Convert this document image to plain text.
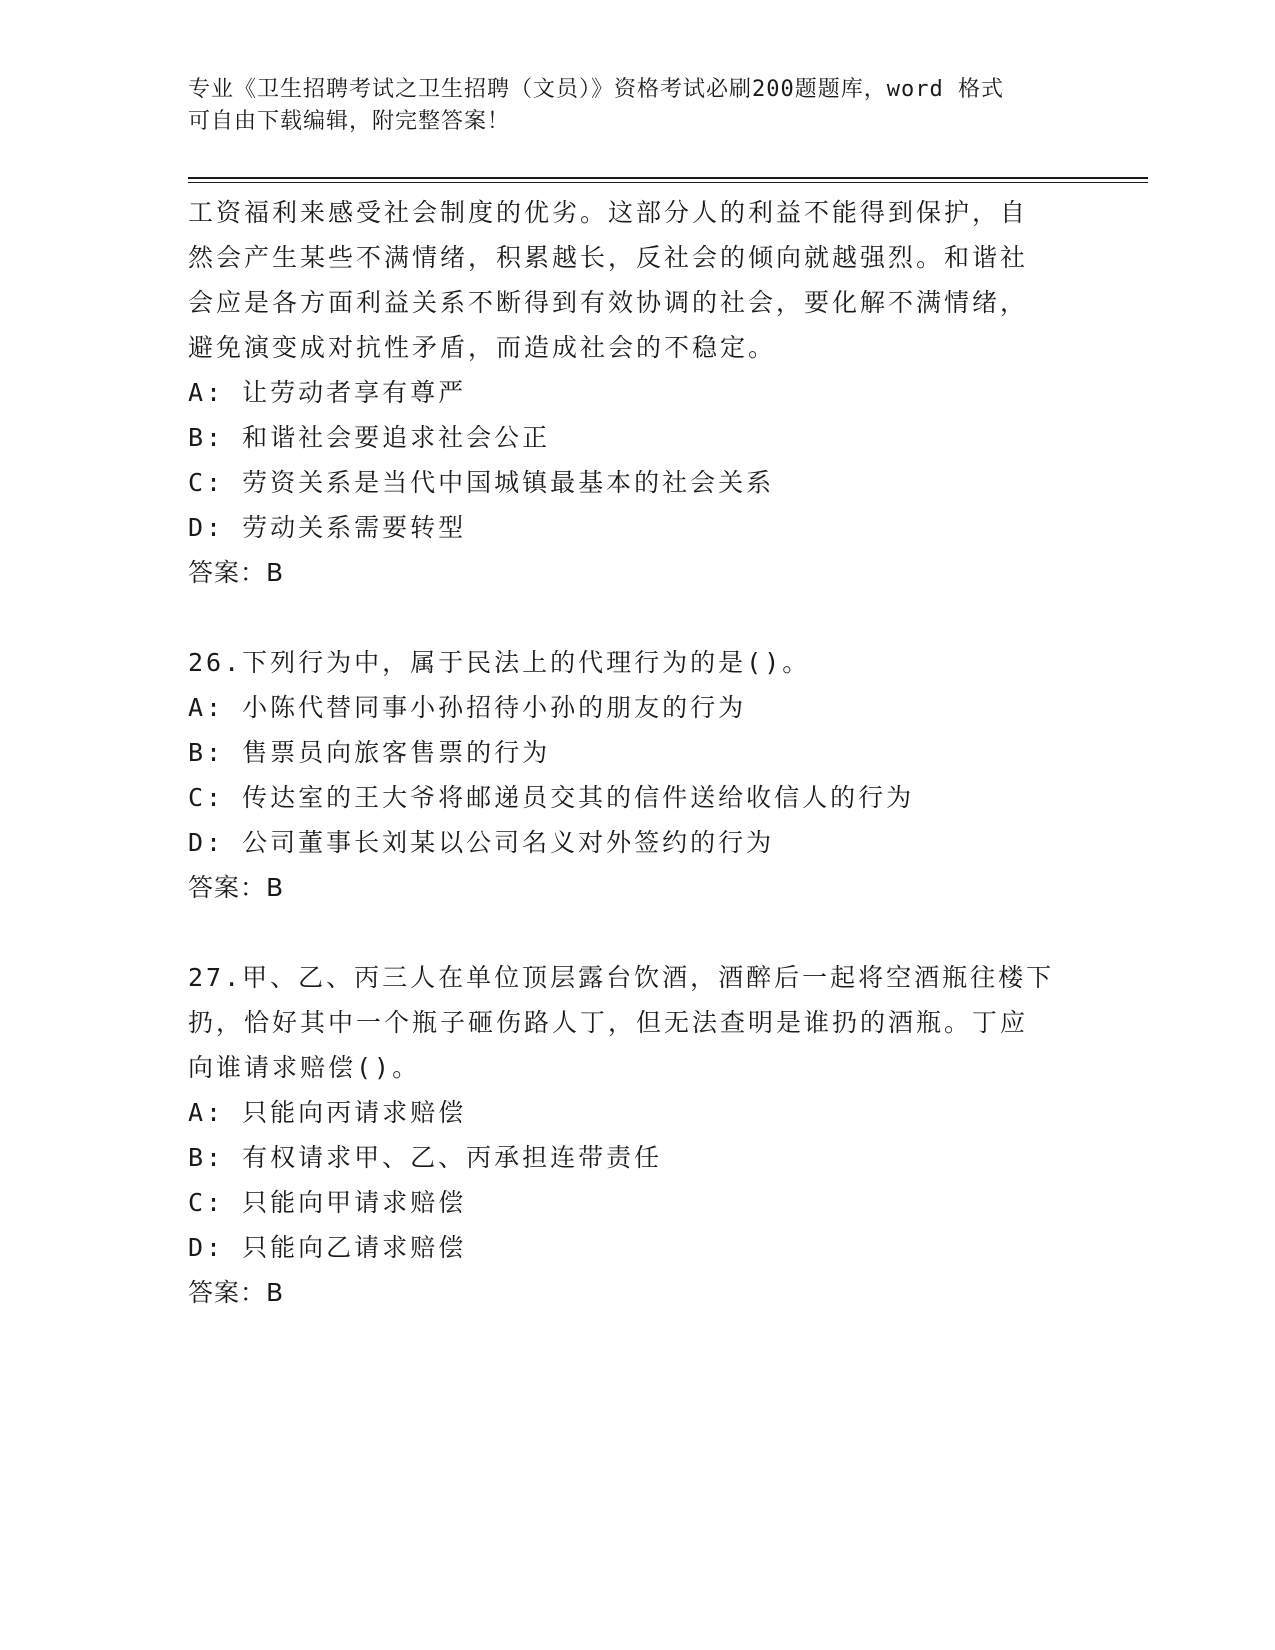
专业《卫生招聘考试之卫生招聘（文员）》资格考试必刷200题题库，word 格式
可自由下载编辑，附完整答案！
工资福利来感受社会制度的优劣。这部分人的利益不能得到保护，自
然会产生某些不满情绪，积累越长，反社会的倾向就越强烈。和谐社
会应是各方面利益关系不断得到有效协调的社会，要化解不满情绪，
避免演变成对抗性矛盾，而造成社会的不稳定。
A: 让劳动者享有尊严
B: 和谐社会要追求社会公正
C: 劳资关系是当代中国城镇最基本的社会关系
D: 劳动关系需要转型
答案：B
26.下列行为中，属于民法上的代理行为的是()。
A: 小陈代替同事小孙招待小孙的朋友的行为
B: 售票员向旅客售票的行为
C: 传达室的王大爷将邮递员交其的信件送给收信人的行为
D: 公司董事长刘某以公司名义对外签约的行为
答案：B
27.甲、乙、丙三人在单位顶层露台饮酒，酒醉后一起将空酒瓶往楼下
扔，恰好其中一个瓶子砸伤路人丁，但无法查明是谁扔的酒瓶。丁应
向谁请求赔偿()。
A: 只能向丙请求赔偿
B: 有权请求甲、乙、丙承担连带责任
C: 只能向甲请求赔偿
D: 只能向乙请求赔偿
答案：B
